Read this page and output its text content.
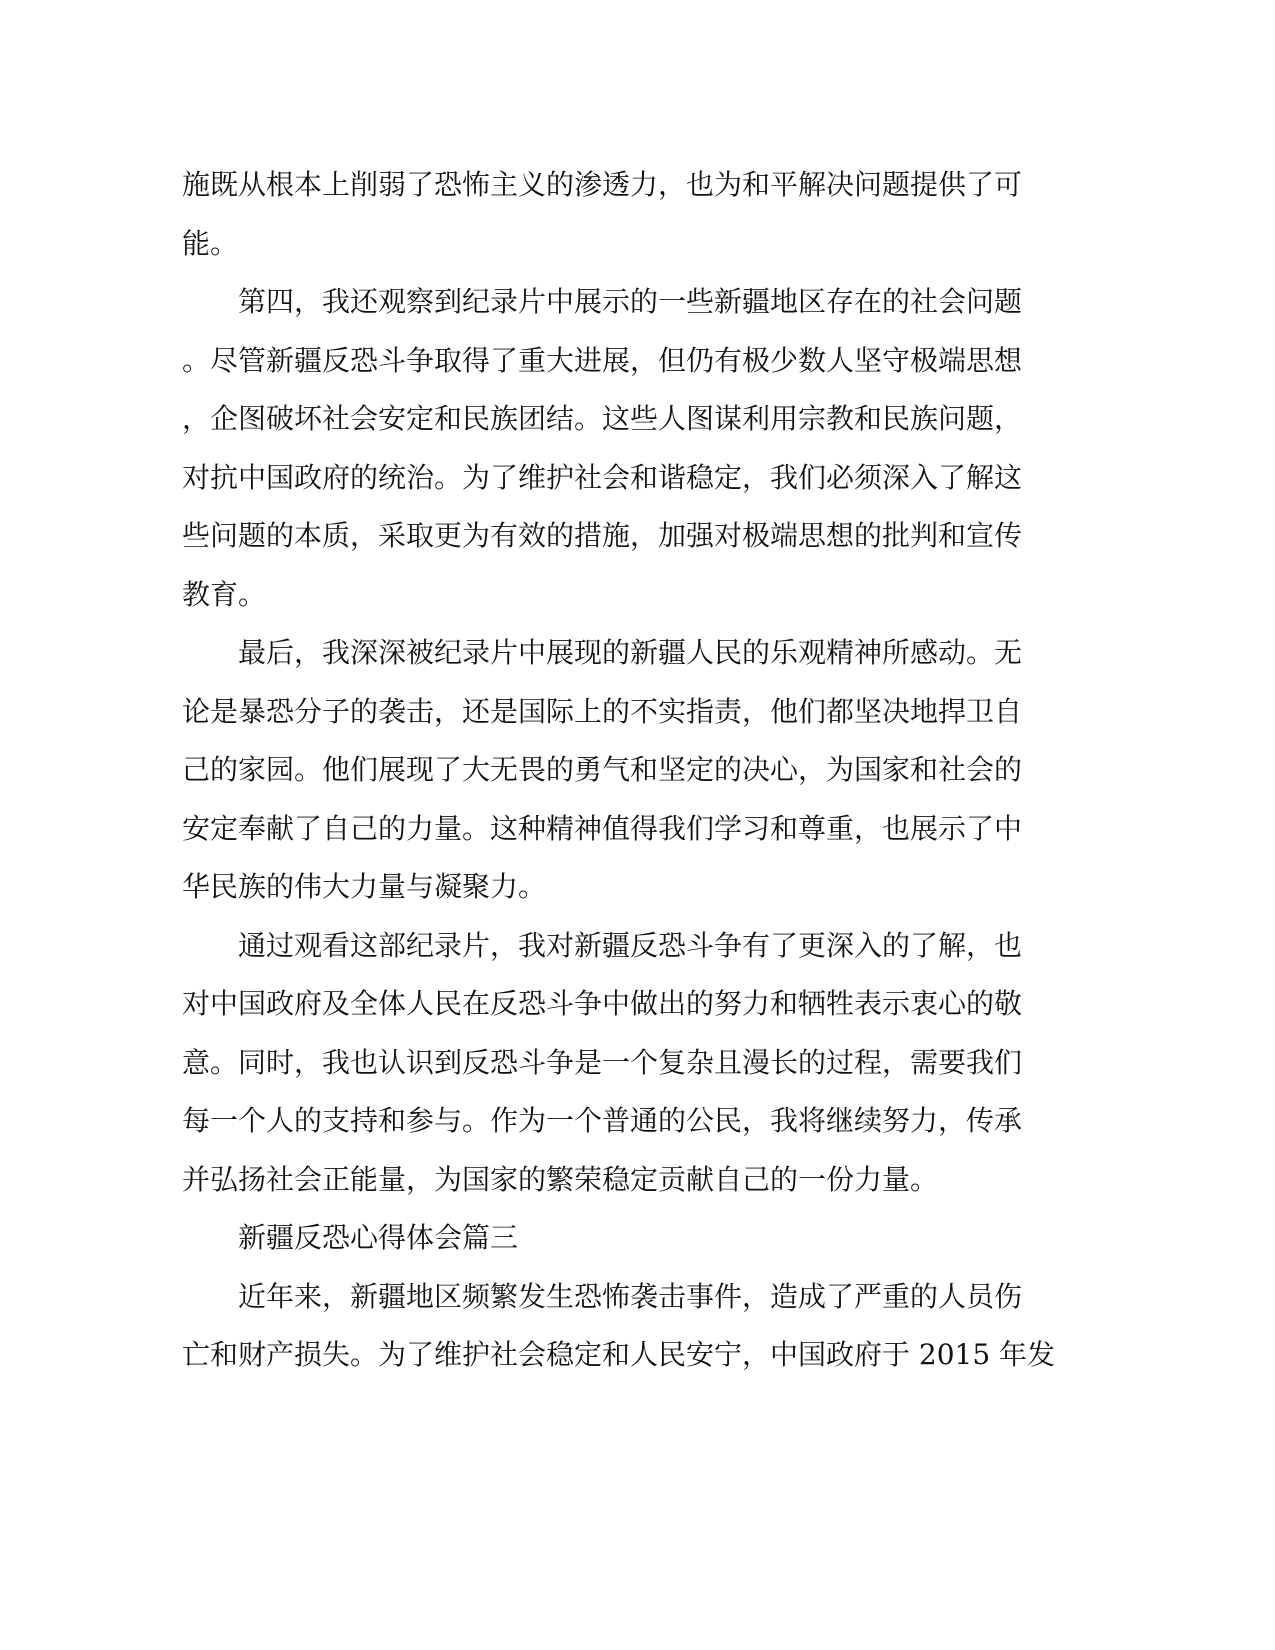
施既从根本上削弱了恐怖主义的渗透力，也为和平解决问题提供了可
能。
　　第四，我还观察到纪录片中展示的一些新疆地区存在的社会问题
。尽管新疆反恐斗争取得了重大进展，但仍有极少数人坚守极端思想
，企图破坏社会安定和民族团结。这些人图谋利用宗教和民族问题，
对抗中国政府的统治。为了维护社会和谐稳定，我们必须深入了解这
些问题的本质，采取更为有效的措施，加强对极端思想的批判和宣传
教育。
　　最后，我深深被纪录片中展现的新疆人民的乐观精神所感动。无
论是暴恐分子的袭击，还是国际上的不实指责，他们都坚决地捍卫自
己的家园。他们展现了大无畏的勇气和坚定的决心，为国家和社会的
安定奉献了自己的力量。这种精神值得我们学习和尊重，也展示了中
华民族的伟大力量与凝聚力。
　　通过观看这部纪录片，我对新疆反恐斗争有了更深入的了解，也
对中国政府及全体人民在反恐斗争中做出的努力和牺牲表示衷心的敬
意。同时，我也认识到反恐斗争是一个复杂且漫长的过程，需要我们
每一个人的支持和参与。作为一个普通的公民，我将继续努力，传承
并弘扬社会正能量，为国家的繁荣稳定贡献自己的一份力量。
　　新疆反恐心得体会篇三
　　近年来，新疆地区频繁发生恐怖袭击事件，造成了严重的人员伤
亡和财产损失。为了维护社会稳定和人民安宁，中国政府于 2015 年发
